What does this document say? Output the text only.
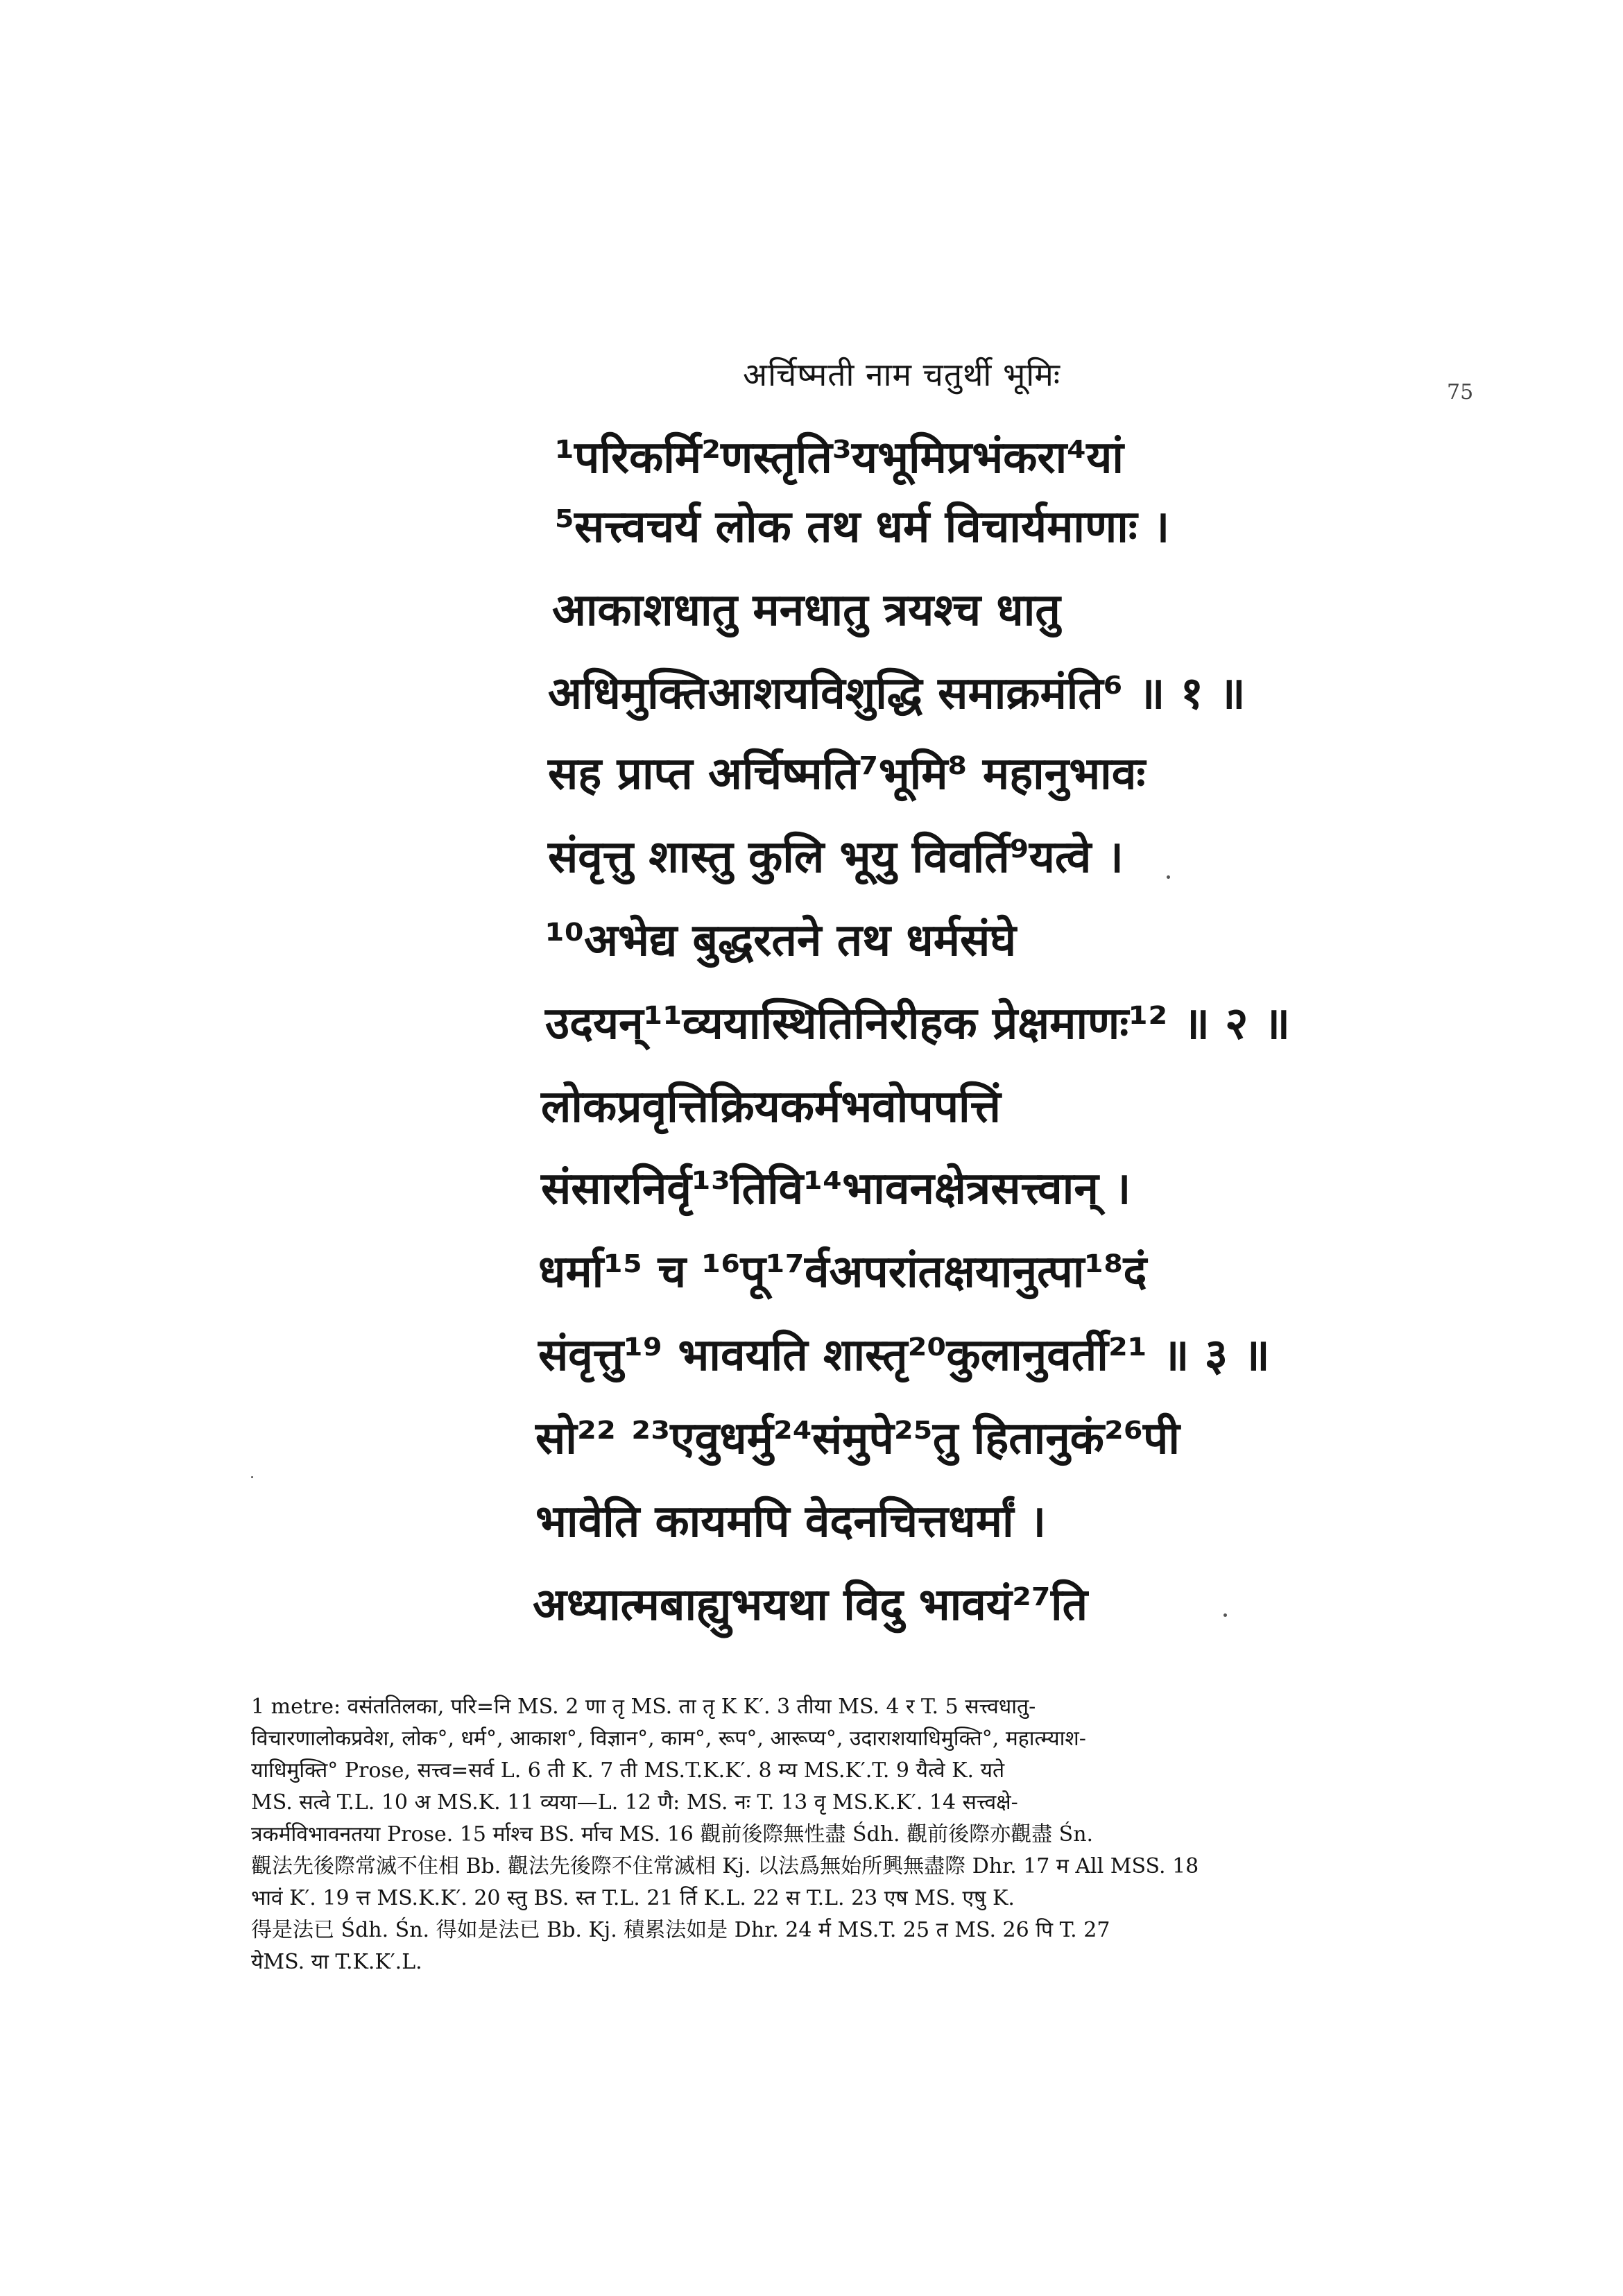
अर्चिष्मती नाम चतुर्थी भूमिः	75
¹परिकर्मि²णस्तृति³यभूमिप्रभंकरा⁴यां
⁵सत्त्वचर्य लोक तथ धर्म विचार्यमाणाः ।
आकाशधातु मनधातु त्रयश्च धातु
अधिमुक्तिआशयविशुद्धि समाक्रमंति⁶ ॥ १ ॥
सह प्राप्त अर्चिष्मति⁷भूमि⁸ महानुभावः
संवृत्तु शास्तु कुलि भूयु विवर्ति⁹यत्वे ।
¹⁰अभेद्य बुद्धरतने तथ धर्मसंघे
उदयन्¹¹व्ययास्थितिनिरीहक प्रेक्षमाणः¹² ॥ २ ॥
लोकप्रवृत्तिक्रियकर्मभवोपपत्तिं
संसारनिर्वृ¹³तिवि¹⁴भावनक्षेत्रसत्त्वान् ।
धर्मा¹⁵ च ¹⁶पू¹⁷र्वअपरांतक्षयानुत्पा¹⁸दं
संवृत्तु¹⁹ भावयति शास्तृ²⁰कुलानुवर्ती²¹ ॥ ३ ॥
सो²² ²³एवुधर्मु²⁴संमुपे²⁵तु हितानुकं²⁶पी
भावेति कायमपि वेदनचित्तधर्मां ।
अध्यात्मबाह्युभयथा विदु भावयं²⁷ति
1 metre: वसंततिलका, परि=नि MS. 2 णा तृ MS. ता तृ K K′. 3 तीया MS. 4 र T. 5 सत्त्वधातु-
विचारणालोकप्रवेश, लोक°, धर्म°, आकाश°, विज्ञान°, काम°, रूप°, आरूप्य°, उदाराशयाधिमुक्ति°, महात्म्याश-
याधिमुक्ति° Prose, सत्त्व=सर्व L. 6 ती K. 7 ती MS.T.K.K′. 8 म्य MS.K′.T. 9 यैत्वे K. यते
MS. सत्वे T.L. 10 अ MS.K. 11 व्यया—L. 12 णै: MS. नः T. 13 वृ MS.K.K′. 14 सत्त्वक्षे-
त्रकर्मविभावनतया Prose. 15 र्माश्च BS. र्माच MS. 16 觀前後際無性盡 Śdh. 觀前後際亦觀盡 Śn.
觀法先後際常滅不住相 Bb. 觀法先後際不住常滅相 Kj. 以法爲無始所興無盡際 Dhr. 17 म All MSS. 18
भावं K′. 19 त्त MS.K.K′. 20 स्तु BS. स्त T.L. 21 र्ति K.L. 22 स T.L. 23 एष MS. एषु K.
得是法已 Śdh. Śn. 得如是法已 Bb. Kj. 積累法如是 Dhr. 24 र्म MS.T. 25 त MS. 26 पि T. 27
येMS. या T.K.K′.L.
